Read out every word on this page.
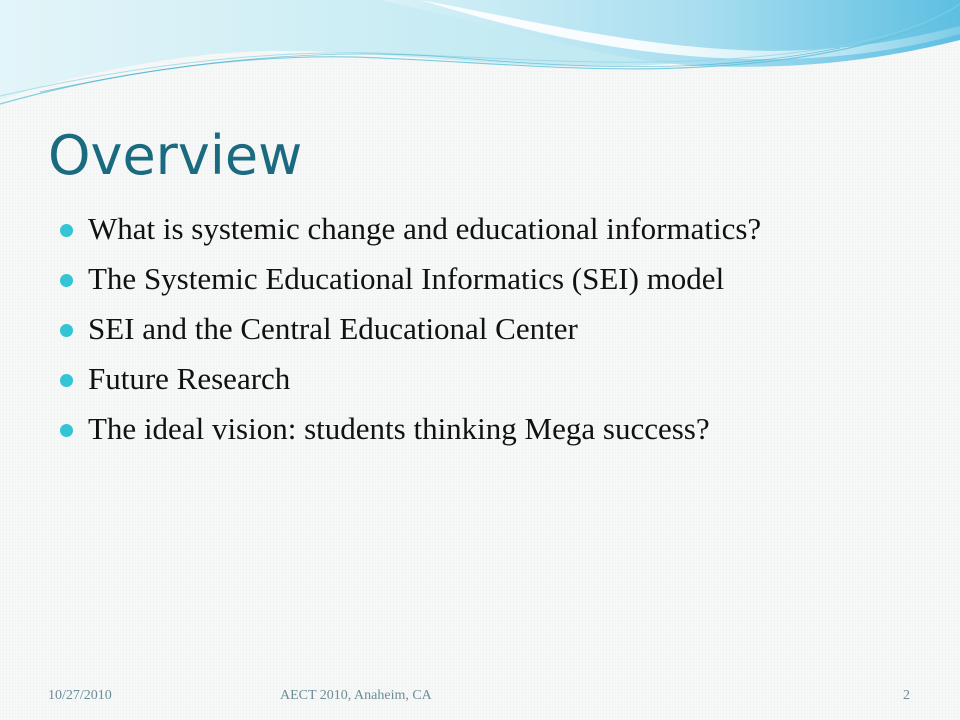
Overview
What is systemic change and educational informatics?
The Systemic Educational Informatics (SEI) model
SEI and the Central Educational Center
Future Research
The ideal vision: students thinking Mega success?
10/27/2010	AECT 2010, Anaheim, CA	2
